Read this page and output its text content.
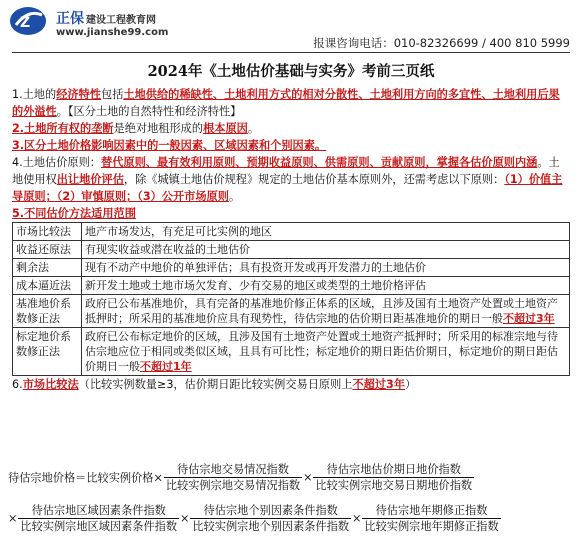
Z 正保 建设工程教育网
www.jianshe99.com
报课咨询电话：010-82326699 / 400 810 5999
2024年《土地估价基础与实务》考前三页纸

1.土地的经济特性包括土地供给的稀缺性、土地利用方式的相对分散性、土地利用方向的多宜性、土地利用后果的外溢性。【区分土地的自然特性和经济特性】

2.土地所有权的垄断是绝对地租形成的根本原因。

3.区分土地价格影响因素中的一般因素、区域因素和个别因素。

4.土地估价原则：替代原则、最有效利用原则、预期收益原则、供需原则、贡献原则，掌握各估价原则内涵。土地使用权出让地价评估，除《城镇土地估价规程》规定的土地估价基本原则外，还需考虑以下原则：（1）价值主导原则；（2）审慎原则；（3）公开市场原则。

5.不同估价方法适用范围

市场比较法	地产市场发达，有充足可比实例的地区
收益还原法	有现实收益或潜在收益的土地估价
剩余法	现有不动产中地价的单独评估；具有投资开发或再开发潜力的土地估价
成本逼近法	新开发土地或土地市场欠发育、少有交易的地区或类型的土地价格评估
基准地价系数修正法	政府已公布基准地价，具有完备的基准地价修正体系的区域，且涉及国有土地资产处置或土地资产抵押时；所采用的基准地价应具有现势性，待估宗地的估价期日距基准地价的期日一般不超过3年
标定地价系数修正法	政府已公布标定地价的区域，且涉及国有土地资产处置或土地资产抵押时；所采用的标准宗地与待估宗地应位于相同或类似区域，且具有可比性；标定地价的期日距估价期日，标定地价的期日距估价期日一般不超过1年

6.市场比较法（比较实例数量≥3，估价期日距比较实例交易日原则上不超过3年）

待估宗地价格＝比较实例价格× $\frac{\text{待估宗地交易情况指数}}{\text{比较实例宗地交易情况指数}} \times \frac{\text{待估宗地估价期日地价指数}}{\text{比较实例宗地交易日期地价指数}}$
× $\frac{\text{待估宗地区域因素条件指数}}{\text{比较实例宗地区域因素条件指数}} \times \frac{\text{待估宗地个别因素条件指数}}{\text{比较实例宗地个别因素条件指数}} \times \frac{\text{待估宗地年期修正指数}}{\text{比较实例宗地年期修正指数}}$
